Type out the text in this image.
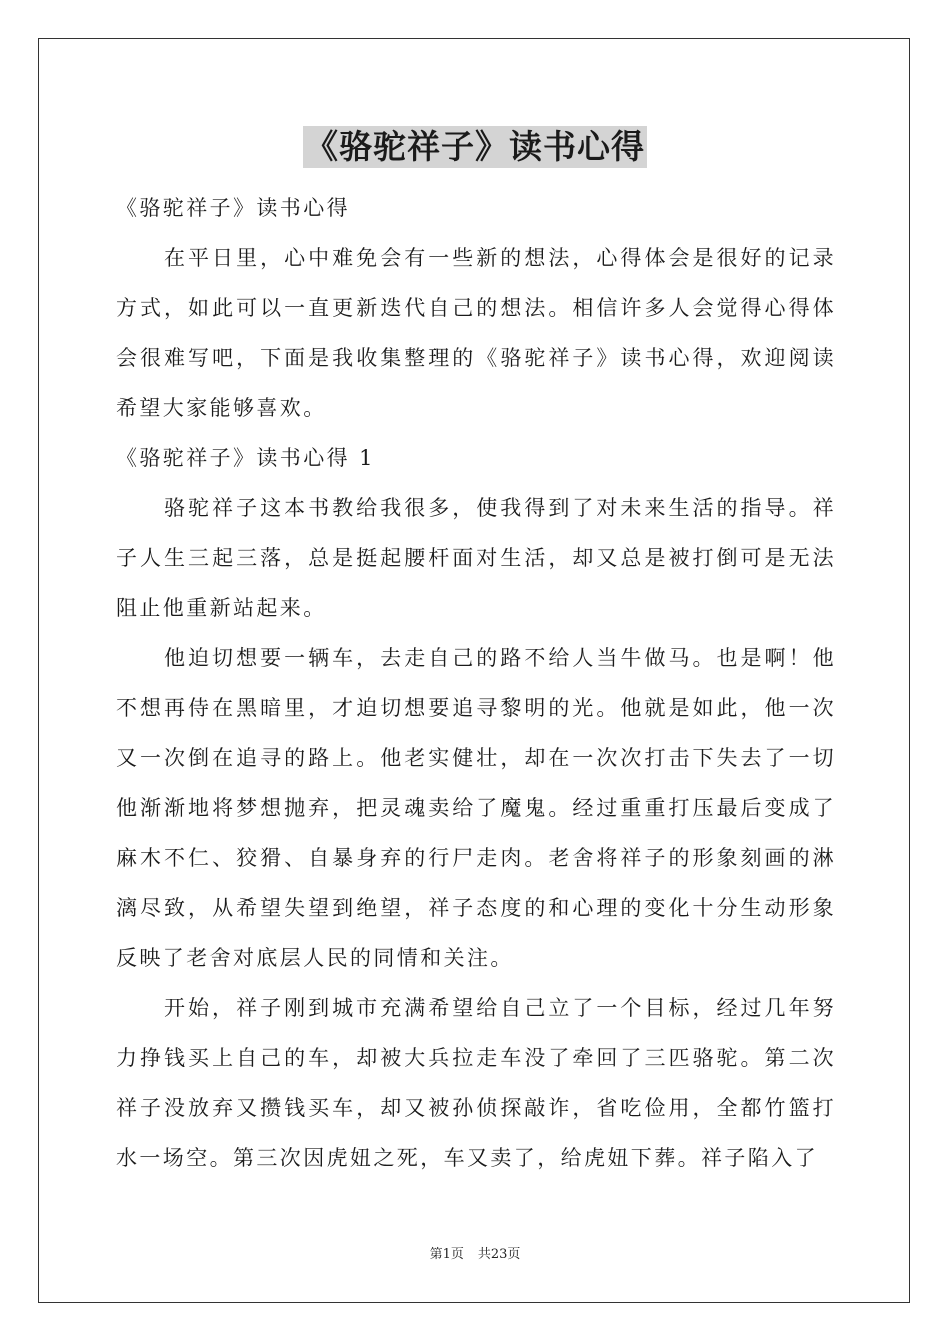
《骆驼祥子》读书心得

《骆驼祥子》读书心得

在平日里，心中难免会有一些新的想法，心得体会是很好的记录方式，如此可以一直更新迭代自己的想法。相信许多人会觉得心得体会很难写吧，下面是我收集整理的《骆驼祥子》读书心得，欢迎阅读希望大家能够喜欢。

《骆驼祥子》读书心得 1

骆驼祥子这本书教给我很多，使我得到了对未来生活的指导。祥子人生三起三落，总是挺起腰杆面对生活，却又总是被打倒可是无法阻止他重新站起来。

他迫切想要一辆车，去走自己的路不给人当牛做马。也是啊！他不想再侍在黑暗里，才迫切想要追寻黎明的光。他就是如此，他一次又一次倒在追寻的路上。他老实健壮，却在一次次打击下失去了一切他渐渐地将梦想抛弃，把灵魂卖给了魔鬼。经过重重打压最后变成了麻木不仁、狡猾、自暴身弃的行尸走肉。老舍将祥子的形象刻画的淋漓尽致，从希望失望到绝望，祥子态度的和心理的变化十分生动形象反映了老舍对底层人民的同情和关注。

开始，祥子刚到城市充满希望给自己立了一个目标，经过几年努力挣钱买上自己的车，却被大兵拉走车没了牵回了三匹骆驼。第二次祥子没放弃又攒钱买车，却又被孙侦探敲诈，省吃俭用，全都竹篮打水一场空。第三次因虎妞之死，车又卖了，给虎妞下葬。祥子陷入了

第1页 共23页
